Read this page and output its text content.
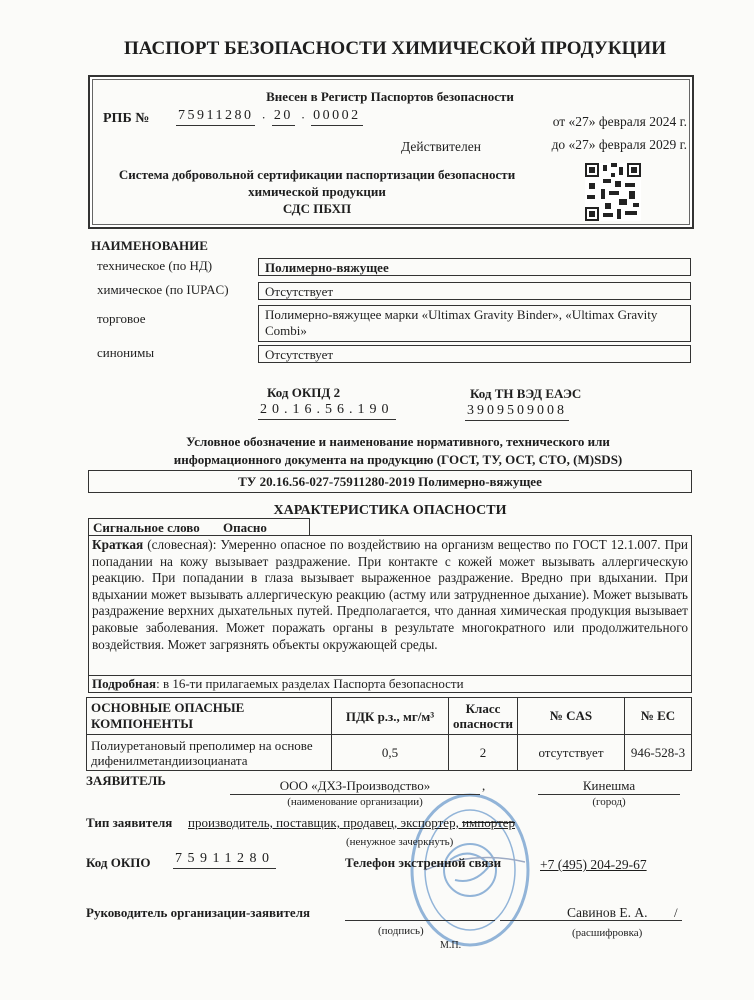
ПАСПОРТ БЕЗОПАСНОСТИ ХИМИЧЕСКОЙ ПРОДУКЦИИ
Внесен в Регистр Паспортов безопасности
РПБ № 75911280 · 20 · 00002	от «27» февраля 2024 г.
Действителен	до «27» февраля 2029 г.
Система добровольной сертификации паспортизации безопасности
химической продукции
СДС ПБХП
НАИМЕНОВАНИЕ
техническое (по НД)	Полимерно-вяжущее
химическое (по IUPAC)	Отсутствует
торговое	Полимерно-вяжущее марки «Ultimax Gravity Binder», «Ultimax Gravity Combi»
синонимы	Отсутствует
Код ОКПД 2
20.16.56.190
Код ТН ВЭД ЕАЭС
3909509008
Условное обозначение и наименование нормативного, технического или
информационного документа на продукцию (ГОСТ, ТУ, ОСТ, СТО, (М)SDS)
ТУ 20.16.56-027-75911280-2019 Полимерно-вяжущее
ХАРАКТЕРИСТИКА ОПАСНОСТИ
Сигнальное слово Опасно
Краткая (словесная): Умеренно опасное по воздействию на организм вещество по ГОСТ 12.1.007. При попадании на кожу вызывает раздражение. При контакте с кожей может вызывать аллергическую реакцию. При попадании в глаза вызывает выраженное раздражение. Вредно при вдыхании. При вдыхании может вызывать аллергическую реакцию (астму или затрудненное дыхание). Может вызывать раздражение верхних дыхательных путей. Предполагается, что данная химическая продукция вызывает раковые заболевания. Может поражать органы в результате многократного или продолжительного воздействия. Может загрязнять объекты окружающей среды.
Подробная: в 16-ти прилагаемых разделах Паспорта безопасности
ОСНОВНЫЕ ОПАСНЫЕ КОМПОНЕНТЫ	ПДК р.з., мг/м³	Класс опасности	№ CAS	№ EC
Полиуретановый преполимер на основе дифенилметандиизоцианата	0,5	2	отсутствует	946-528-3
ЗАЯВИТЕЛЬ	ООО «ДХЗ-Производство»	,
(наименование организации)
Кинешма
(город)
Тип заявителя производитель, поставщик, продавец, экспортер, импортер
(ненужное зачеркнуть)
Код ОКПО 75911280	Телефон экстренной связи	+7 (495) 204-29-67
Руководитель организации-заявителя	Савинов Е. А. /
(подпись)	(расшифровка)
М.П.
